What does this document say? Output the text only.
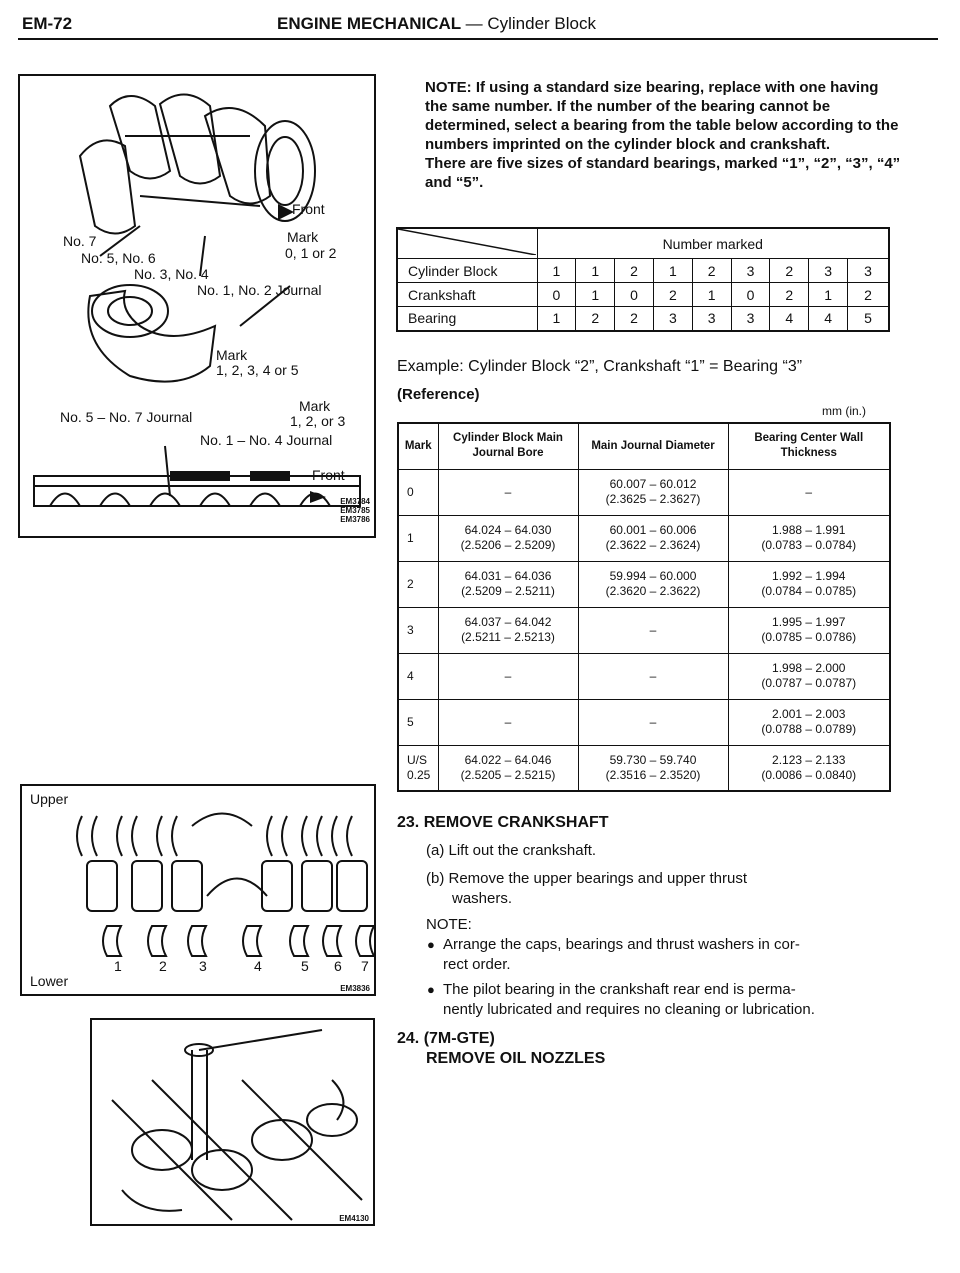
EM-72	ENGINE MECHANICAL — Cylinder Block
Front
No. 7
No. 5, No. 6
No. 3, No. 4
No. 1, No. 2 Journal
Mark
0, 1 or 2
Mark
1, 2, 3, 4 or 5
Mark
1, 2, or 3
No. 5 – No. 7 Journal
No. 1 – No. 4 Journal
Front
EM3784
EM3785
EM3786
Upper
Lower
1	2 3	4	5 6 7
EM3836
EM4130

NOTE: If using a standard size bearing, replace with one having the same number. If the number of the bearing cannot be determined, select a bearing from the table below according to the numbers imprinted on the cylinder block and crankshaft.

There are five sizes of standard bearings, marked “1”, “2”, “3”, “4” and “5”.

	Number marked								
Cylinder Block	1	1	2	1	2	3	2	3	3
Crankshaft	0	1	0	2	1	0	2	1	2
Bearing	1	2	2	3	3	3	4	4	5
Example: Cylinder Block “2”, Crankshaft “1” = Bearing “3”
(Reference)
mm (in.)
Mark	Cylinder Block Main Journal Bore	Main Journal Diameter	Bearing Center Wall Thickness
0	–	60.007 – 60.012
(2.3625 – 2.3627)	–
1	64.024 – 64.030
(2.5206 – 2.5209)	60.001 – 60.006
(2.3622 – 2.3624)	1.988 – 1.991
(0.0783 – 0.0784)
2	64.031 – 64.036
(2.5209 – 2.5211)	59.994 – 60.000
(2.3620 – 2.3622)	1.992 – 1.994
(0.0784 – 0.0785)
3	64.037 – 64.042
(2.5211 – 2.5213)	–	1.995 – 1.997
(0.0785 – 0.0786)
4	–	–	1.998 – 2.000
(0.0787 – 0.0787)
5	–	–	2.001 – 2.003
(0.0788 – 0.0789)
U/S
0.25	64.022 – 64.046
(2.5205 – 2.5215)	59.730 – 59.740
(2.3516 – 2.3520)	2.123 – 2.133
(0.0086 – 0.0840)
23. REMOVE CRANKSHAFT
(a) Lift out the crankshaft.
(b) Remove the upper bearings and upper thrust
washers.
NOTE:
● Arrange the caps, bearings and thrust washers in cor-
rect order.
● The pilot bearing in the crankshaft rear end is perma-
nently lubricated and requires no cleaning or lubrication.
24. (7M-GTE)
REMOVE OIL NOZZLES
